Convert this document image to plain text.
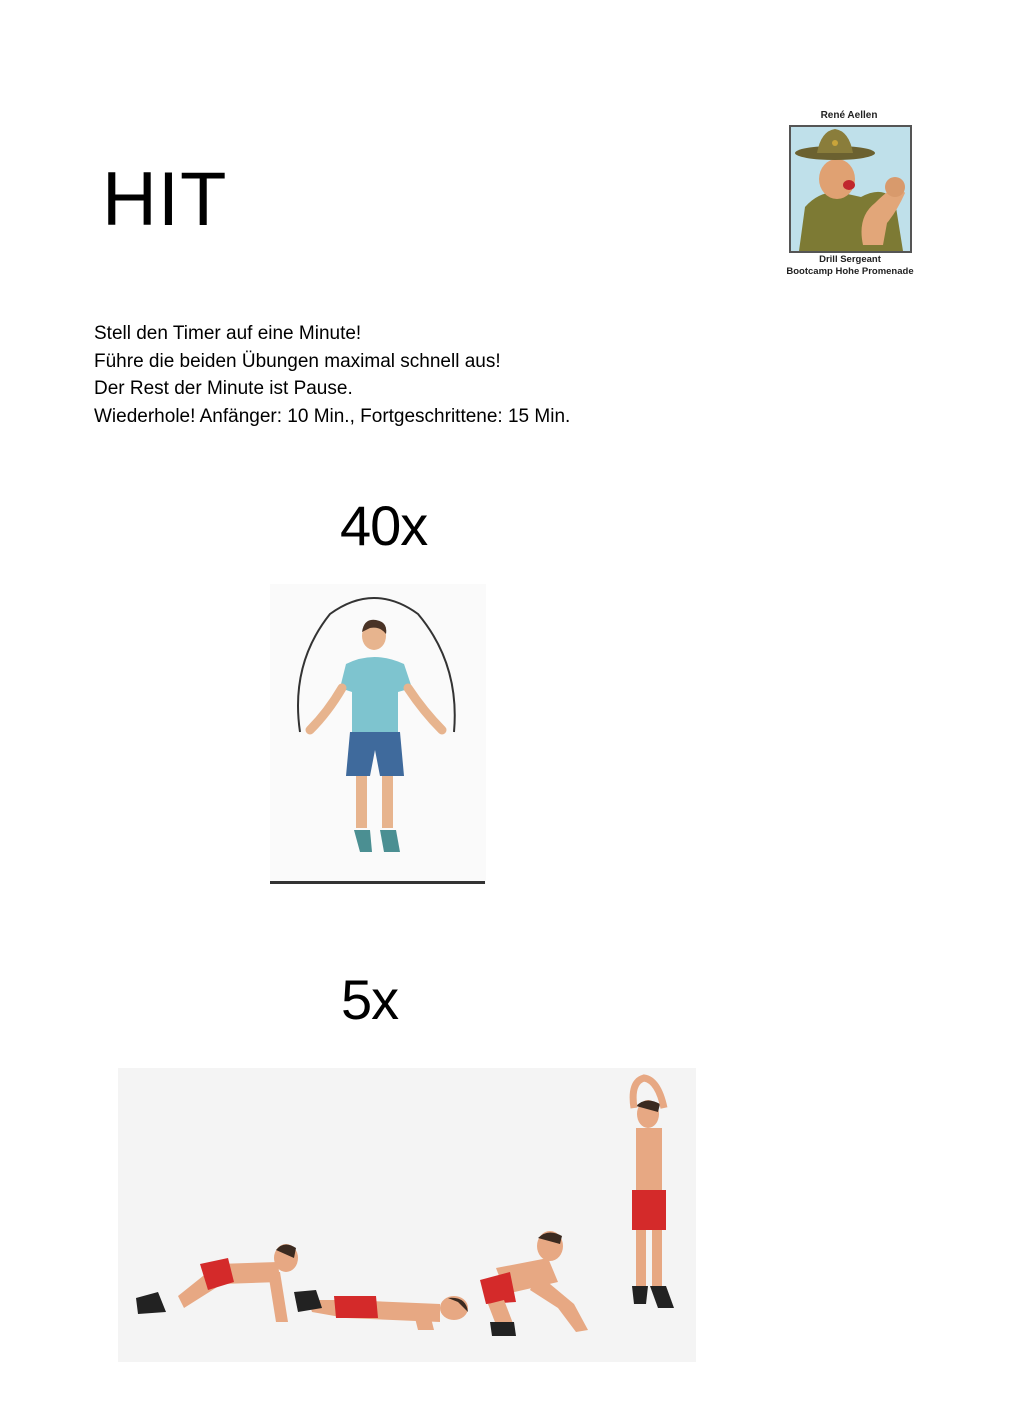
HIT
René Aellen
Drill Sergeant
Bootcamp Hohe Promenade
Stell den Timer auf eine Minute!
Führe die beiden Übungen maximal schnell aus!
Der Rest der Minute ist Pause.
Wiederhole! Anfänger: 10 Min., Fortgeschrittene: 15 Min.
40x
5x
